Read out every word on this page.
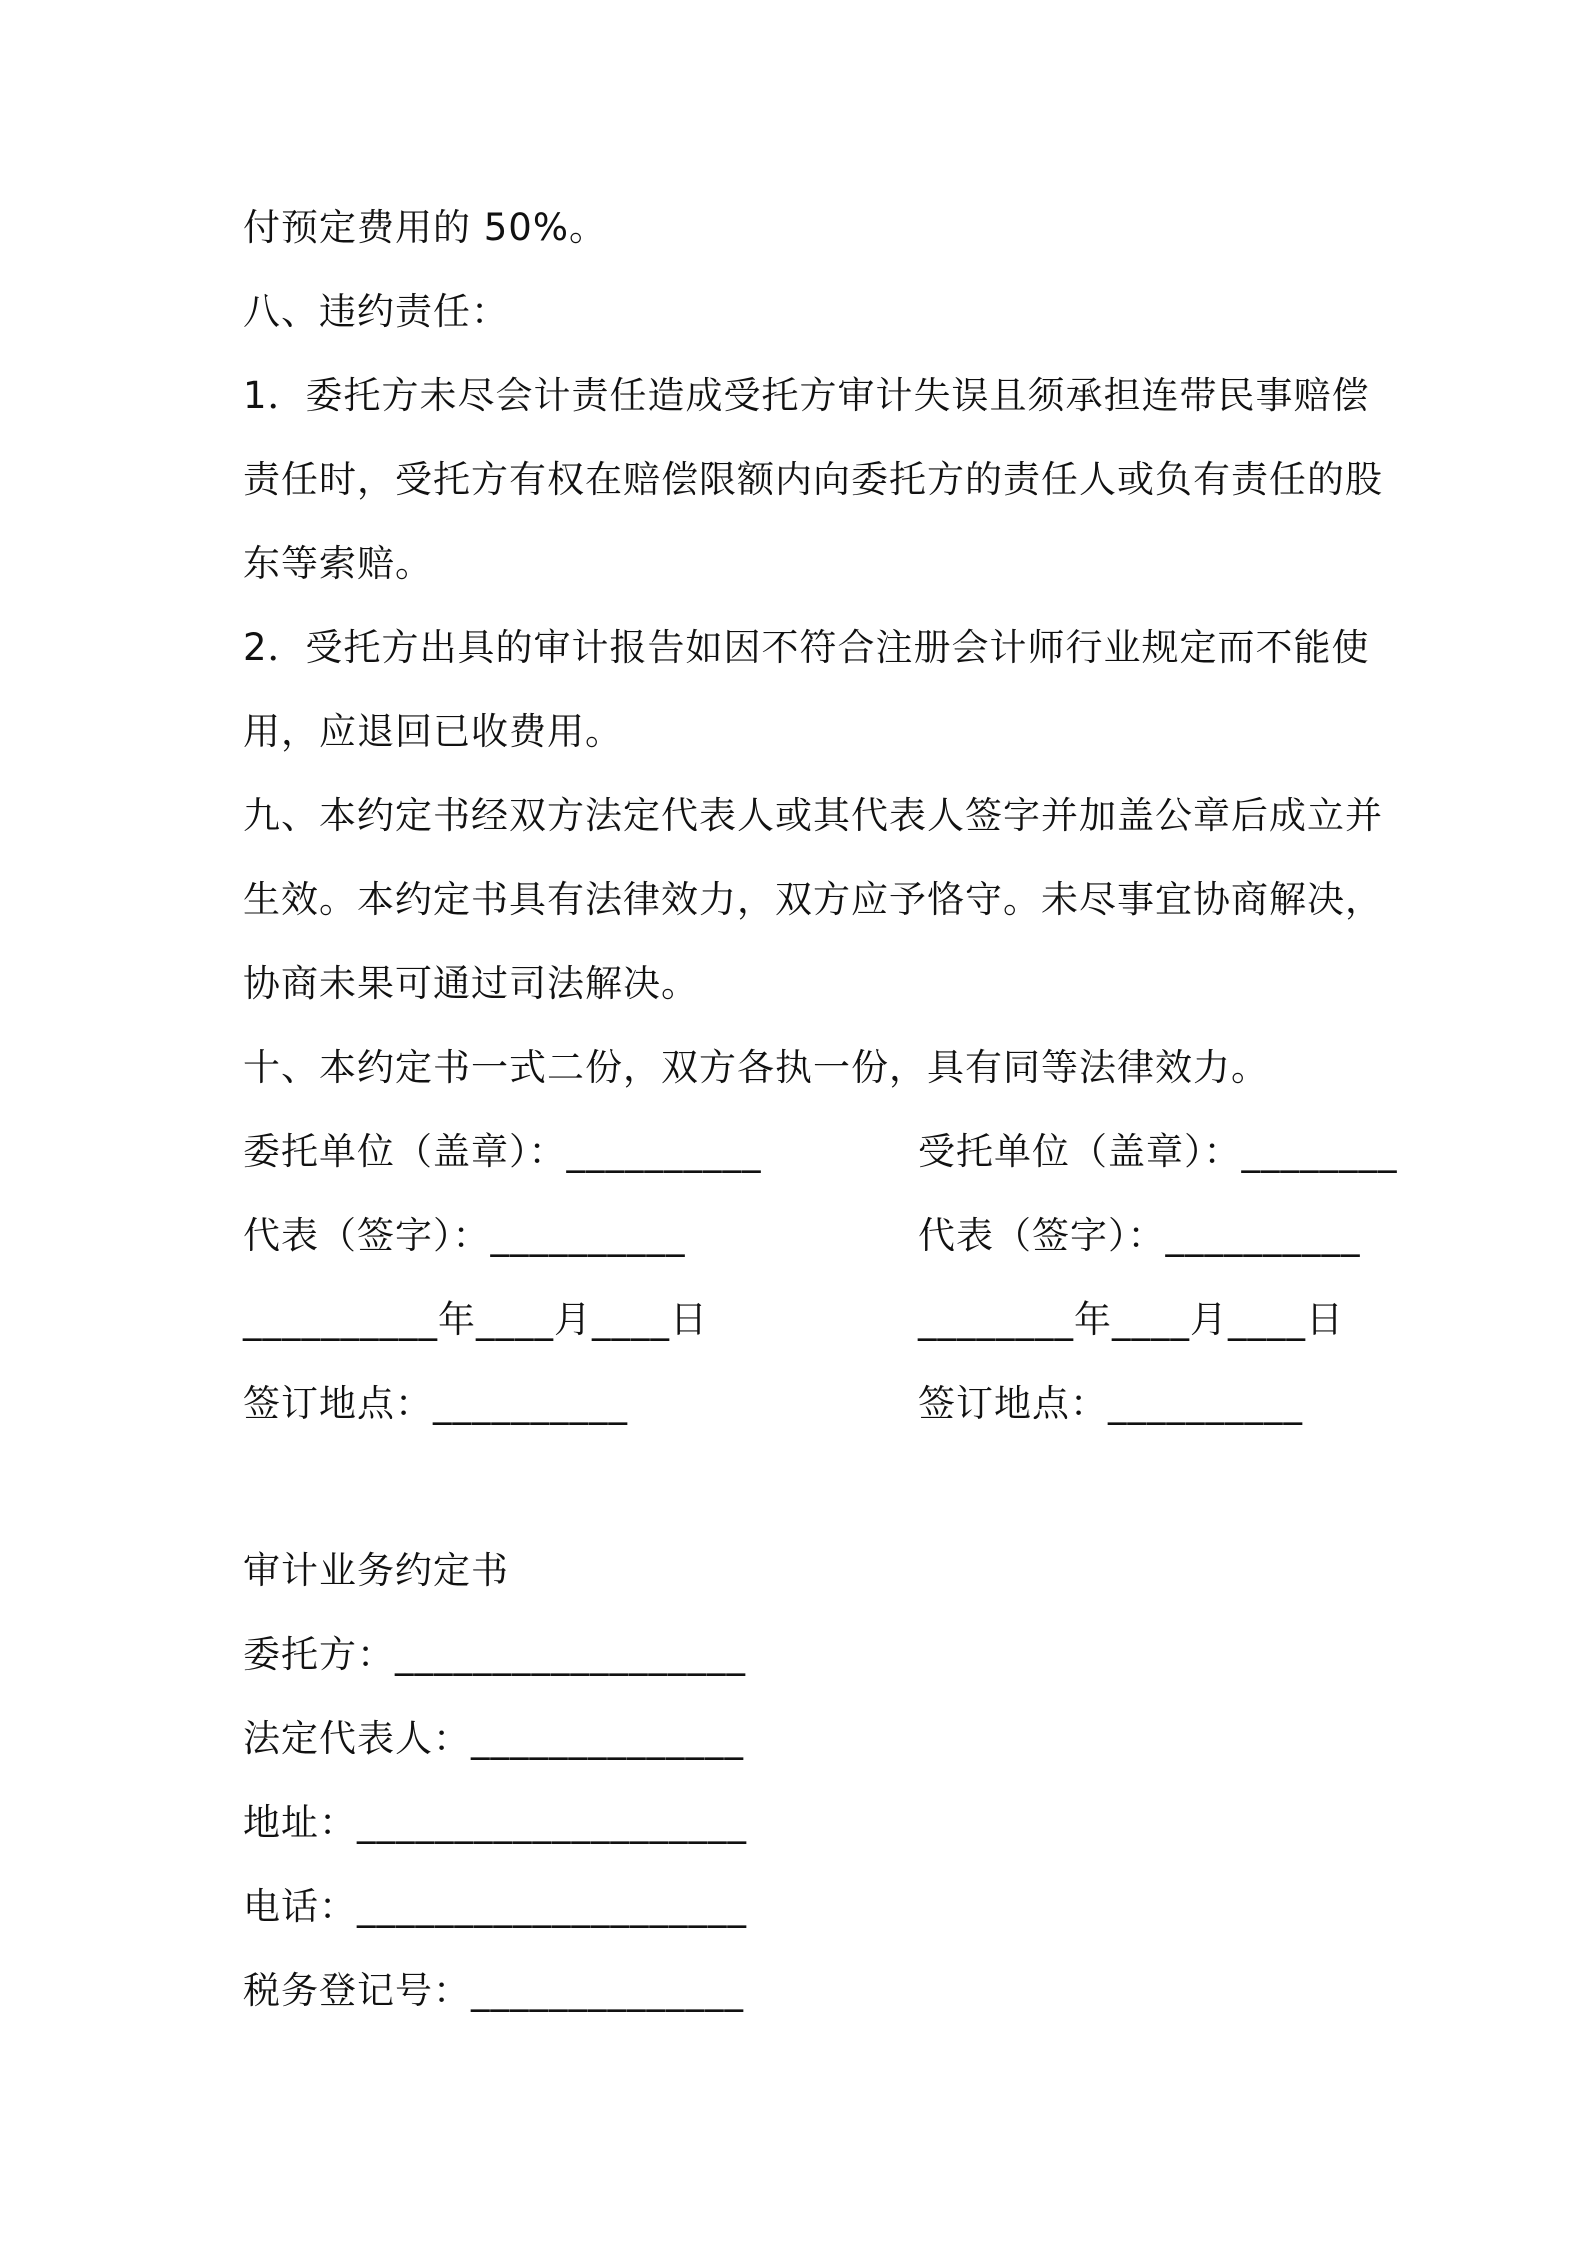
付预定费用的 50%。
八、违约责任：
1．委托方未尽会计责任造成受托方审计失误且须承担连带民事赔偿
责任时，受托方有权在赔偿限额内向委托方的责任人或负有责任的股
东等索赔。
2．受托方出具的审计报告如因不符合注册会计师行业规定而不能使
用，应退回已收费用。
九、本约定书经双方法定代表人或其代表人签字并加盖公章后成立并
生效。本约定书具有法律效力，双方应予恪守。未尽事宜协商解决，
协商未果可通过司法解决。
十、本约定书一式二份，双方各执一份，具有同等法律效力。
委托单位（盖章）：__________	受托单位（盖章）：________
代表（签字）：__________	代表（签字）：__________
__________年____月____日	________年____月____日
签订地点：__________	签订地点：__________
审计业务约定书
委托方：__________________
法定代表人：______________
地址：____________________
电话：____________________
税务登记号：______________
